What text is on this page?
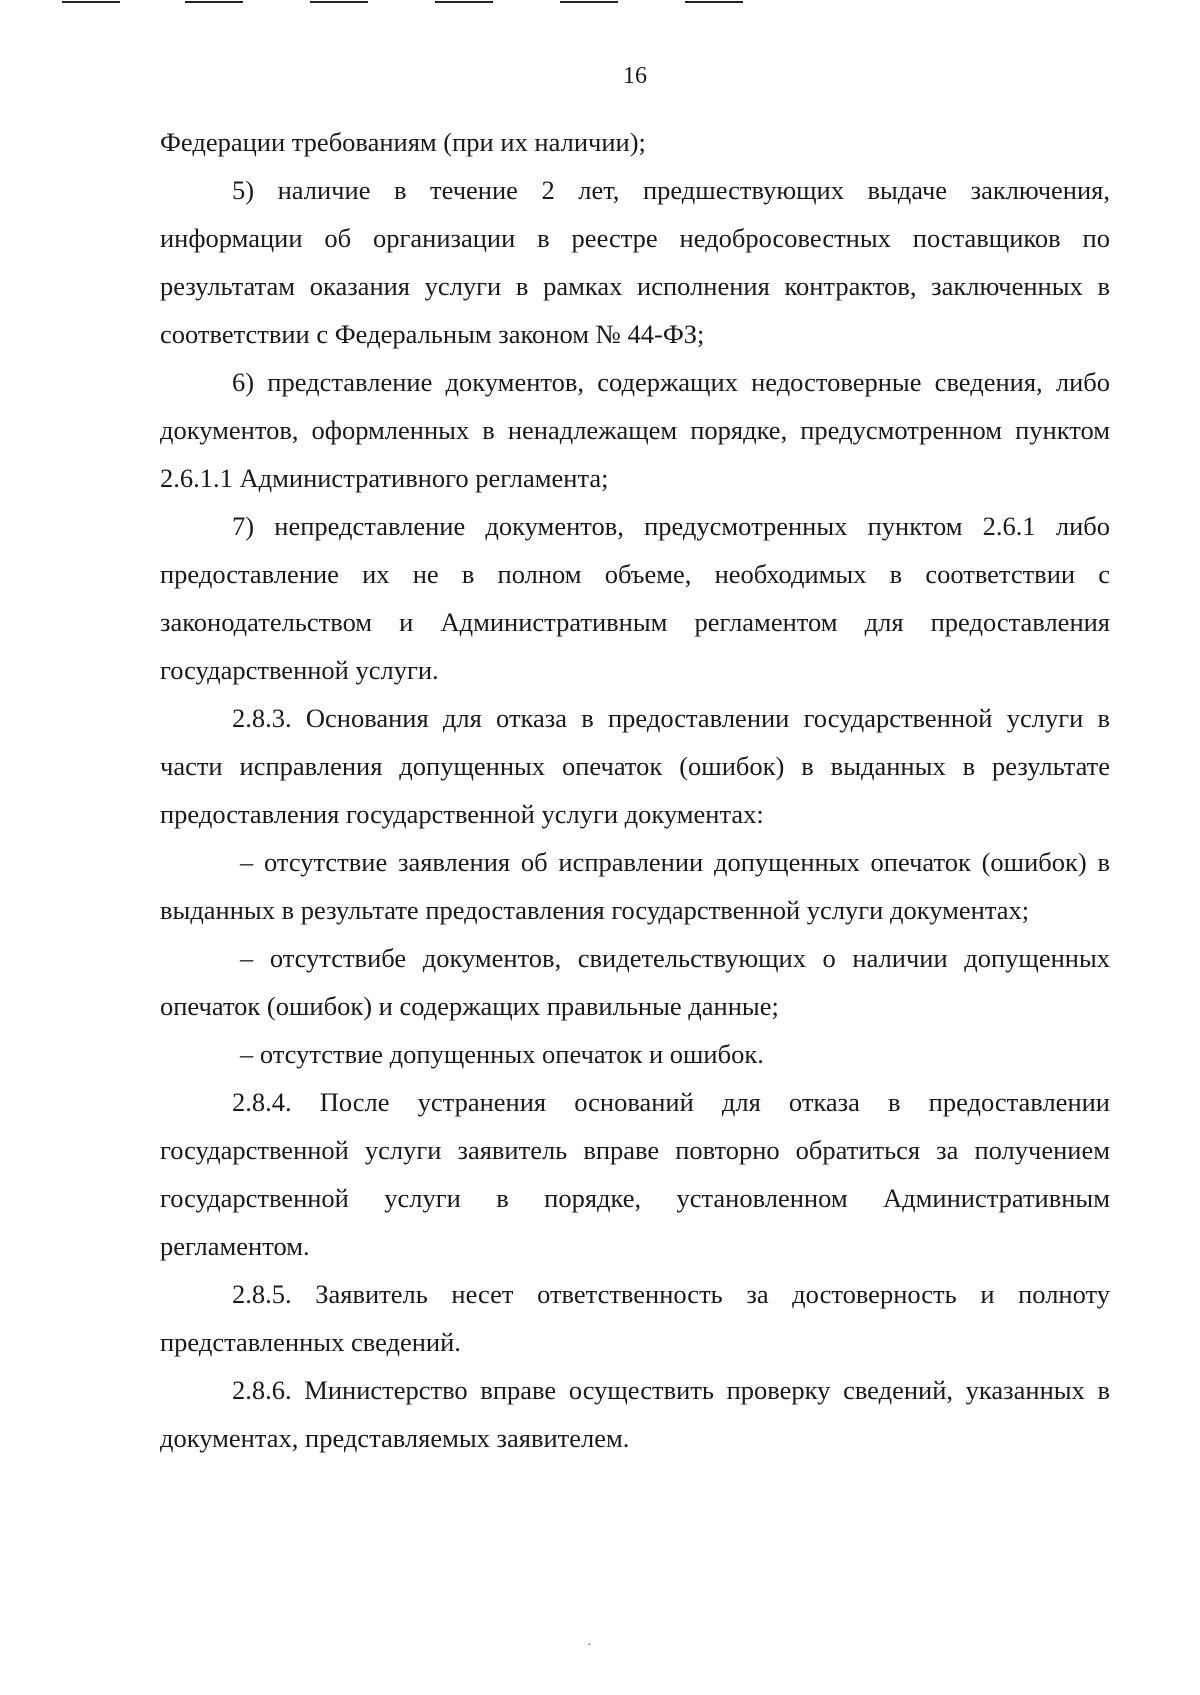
16

Федерации требованиям (при их наличии);

5) наличие в течение 2 лет, предшествующих выдаче заключения, информации об организации в реестре недобросовестных поставщиков по результатам оказания услуги в рамках исполнения контрактов, заключенных в соответствии с Федеральным законом № 44-ФЗ;

6) представление документов, содержащих недостоверные сведения, либо документов, оформленных в ненадлежащем порядке, предусмотренном пунктом 2.6.1.1 Административного регламента;

7) непредставление документов, предусмотренных пунктом 2.6.1 либо предоставление их не в полном объеме, необходимых в соответствии с законодательством и Административным регламентом для предоставления государственной услуги.

2.8.3. Основания для отказа в предоставлении государственной услуги в части исправления допущенных опечаток (ошибок) в выданных в результате предоставления государственной услуги документах:

– отсутствие заявления об исправлении допущенных опечаток (ошибок) в выданных в результате предоставления государственной услуги документах;

– отсутствибе документов, свидетельствующих о наличии допущенных опечаток (ошибок) и содержащих правильные данные;

– отсутствие допущенных опечаток и ошибок.

2.8.4. После устранения оснований для отказа в предоставлении государственной услуги заявитель вправе повторно обратиться за получением государственной услуги в порядке, установленном Административным регламентом.

2.8.5. Заявитель несет ответственность за достоверность и полноту представленных сведений.

2.8.6. Министерство вправе осуществить проверку сведений, указанных в документах, представляемых заявителем.

·
